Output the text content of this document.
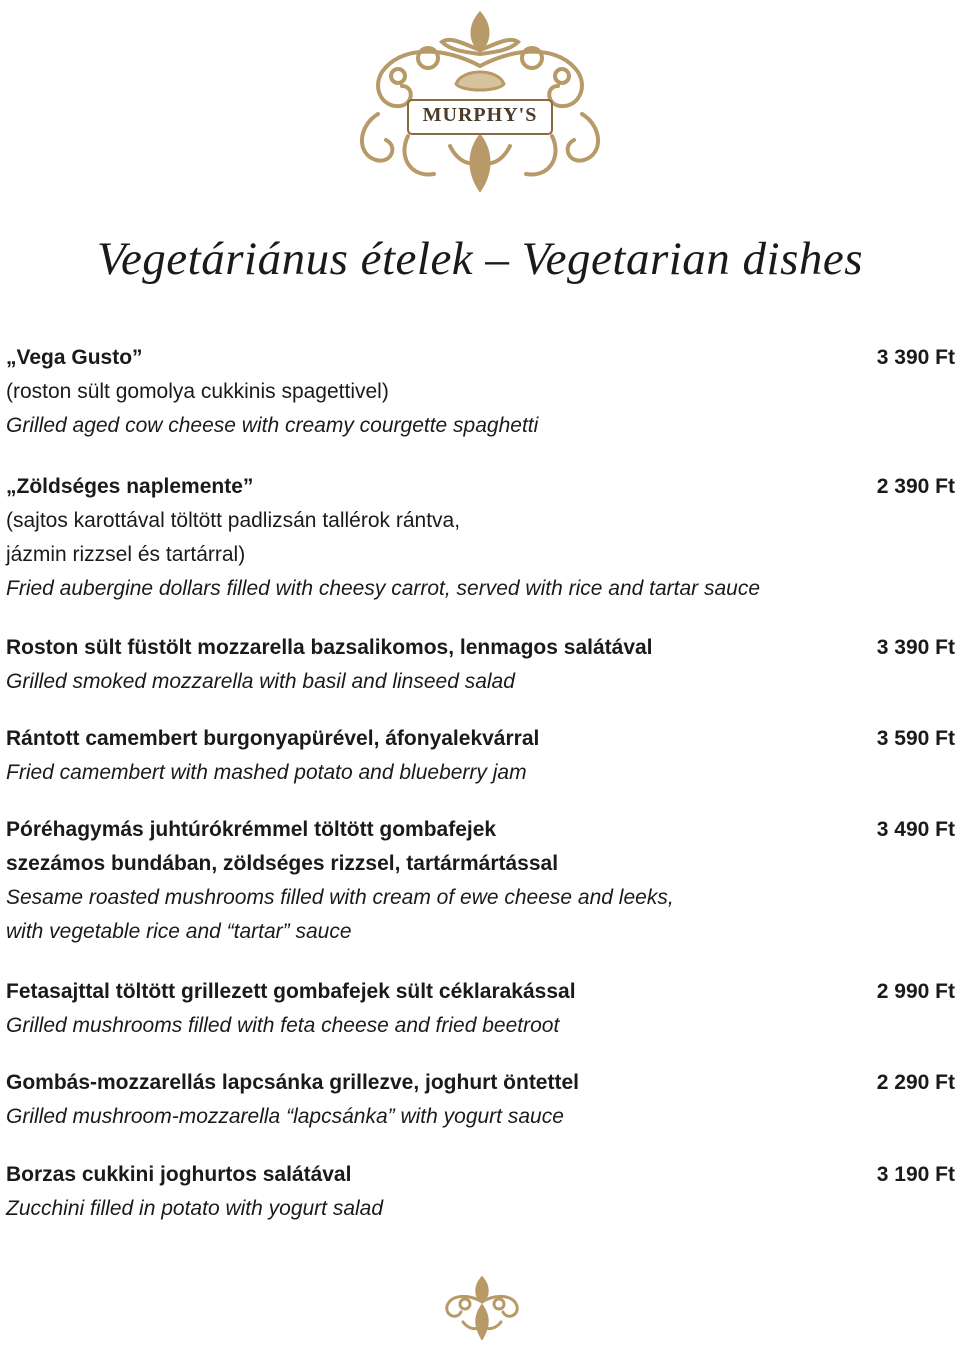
MURPHY'S
Vegetáriánus ételek – Vegetarian dishes
3 390 Ft
„Vega Gusto”
(roston sült gomolya cukkinis spagettivel)
Grilled aged cow cheese with creamy courgette spaghetti
2 390 Ft
„Zöldséges naplemente”
(sajtos karottával töltött padlizsán tallérok rántva,
jázmin rizzsel és tartárral)
Fried aubergine dollars filled with cheesy carrot, served with rice and tartar sauce
3 390 Ft
Roston sült füstölt mozzarella bazsalikomos, lenmagos salátával
Grilled smoked mozzarella with basil and linseed salad
3 590 Ft
Rántott camembert burgonyapürével, áfonyalekvárral
Fried camembert with mashed potato and blueberry jam
3 490 Ft
Póréhagymás juhtúrókrémmel töltött gombafejek
szezámos bundában, zöldséges rizzsel, tartármártással
Sesame roasted mushrooms filled with cream of ewe cheese and leeks,
with vegetable rice and “tartar” sauce
2 990 Ft
Fetasajttal töltött grillezett gombafejek sült céklarakással
Grilled mushrooms filled with feta cheese and fried beetroot
2 290 Ft
Gombás-mozzarellás lapcsánka grillezve, joghurt öntettel
Grilled mushroom-mozzarella “lapcsánka” with yogurt sauce
3 190 Ft
Borzas cukkini joghurtos salátával
Zucchini filled in potato with yogurt salad
